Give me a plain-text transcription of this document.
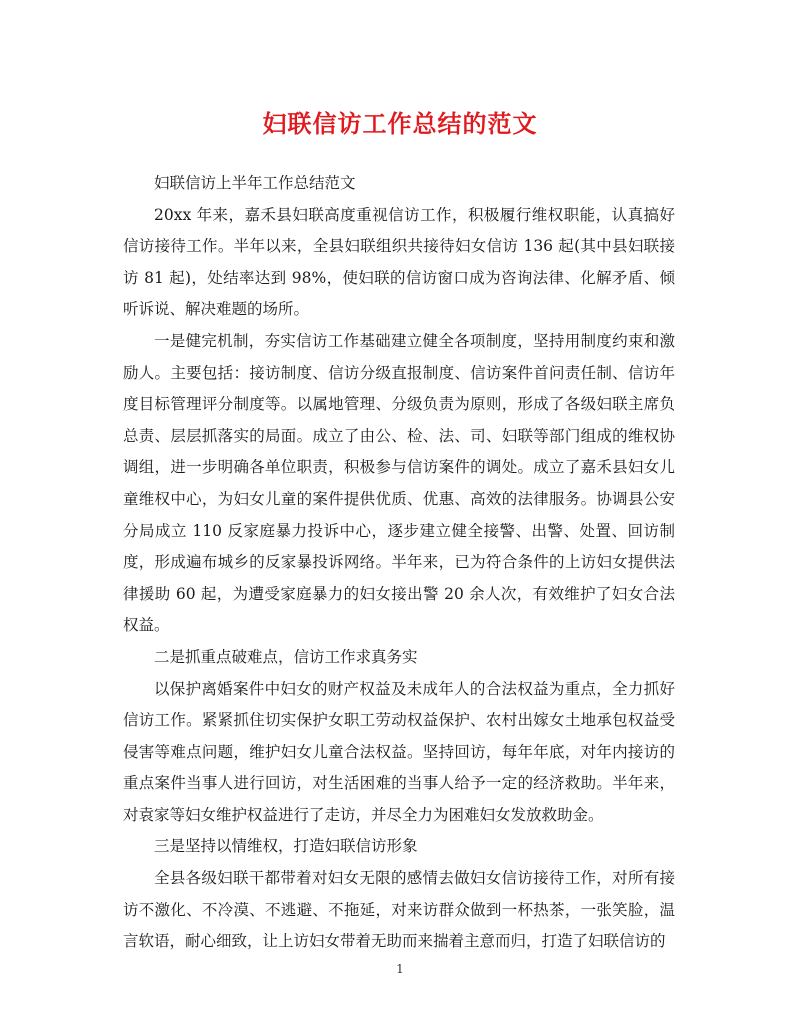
妇联信访工作总结的范文

妇联信访上半年工作总结范文

20xx 年来，嘉禾县妇联高度重视信访工作，积极履行维权职能，认真搞好信访接待工作。半年以来，全县妇联组织共接待妇女信访 136 起(其中县妇联接访 81 起)，处结率达到 98%，使妇联的信访窗口成为咨询法律、化解矛盾、倾听诉说、解决难题的场所。

一是健完机制，夯实信访工作基础建立健全各项制度，坚持用制度约束和激励人。主要包括：接访制度、信访分级直报制度、信访案件首问责任制、信访年度目标管理评分制度等。以属地管理、分级负责为原则，形成了各级妇联主席负总责、层层抓落实的局面。成立了由公、检、法、司、妇联等部门组成的维权协调组，进一步明确各单位职责，积极参与信访案件的调处。成立了嘉禾县妇女儿童维权中心，为妇女儿童的案件提供优质、优惠、高效的法律服务。协调县公安分局成立 110 反家庭暴力投诉中心，逐步建立健全接警、出警、处置、回访制度，形成遍布城乡的反家暴投诉网络。半年来，已为符合条件的上访妇女提供法律援助 60 起，为遭受家庭暴力的妇女接出警 20 余人次，有效维护了妇女合法权益。

二是抓重点破难点，信访工作求真务实

以保护离婚案件中妇女的财产权益及未成年人的合法权益为重点，全力抓好信访工作。紧紧抓住切实保护女职工劳动权益保护、农村出嫁女土地承包权益受侵害等难点问题，维护妇女儿童合法权益。坚持回访，每年年底，对年内接访的重点案件当事人进行回访，对生活困难的当事人给予一定的经济救助。半年来，对袁家等妇女维护权益进行了走访，并尽全力为困难妇女发放救助金。

三是坚持以情维权，打造妇联信访形象

全县各级妇联干都带着对妇女无限的感情去做妇女信访接待工作，对所有接访不激化、不冷漠、不逃避、不拖延，对来访群众做到一杯热茶，一张笑脸，温言软语，耐心细致，让上访妇女带着无助而来揣着主意而归，打造了妇联信访的

1
